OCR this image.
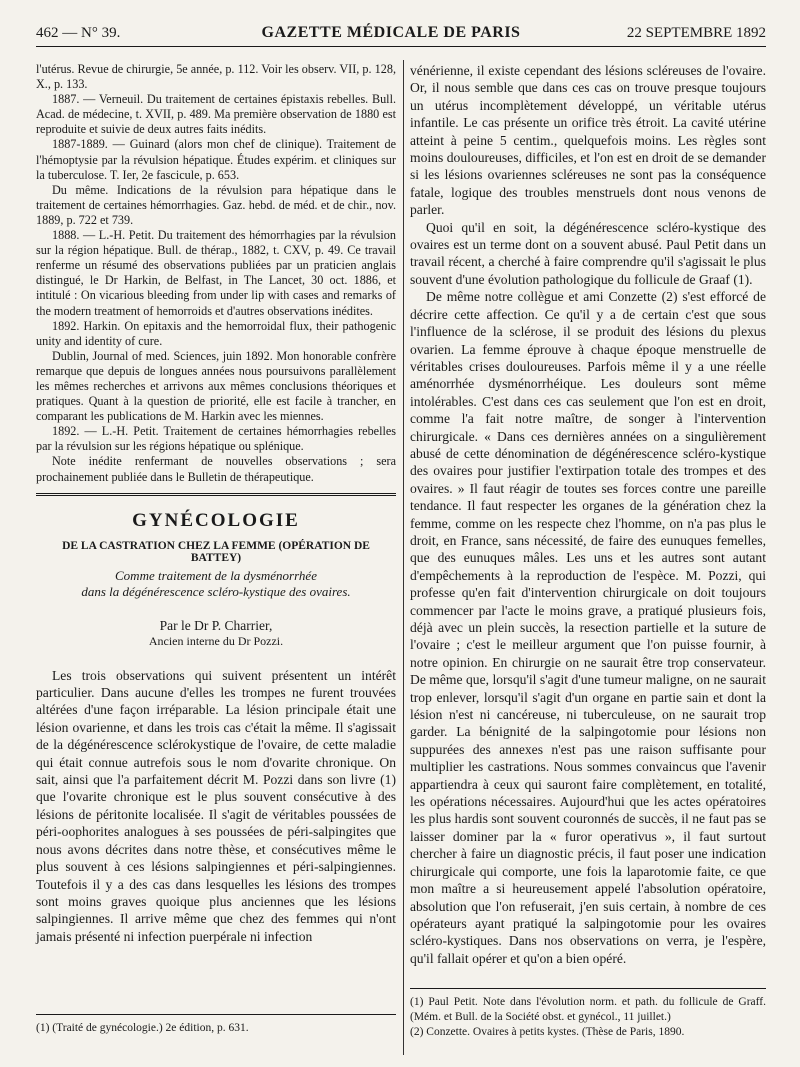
462 — N° 39.	GAZETTE MÉDICALE DE PARIS	22 SEPTEMBRE 1892

l'utérus. Revue de chirurgie, 5e année, p. 112. Voir les observ. VII, p. 128, X., p. 133.

1887. — Verneuil. Du traitement de certaines épistaxis rebelles. Bull. Acad. de médecine, t. XVII, p. 489. Ma première observation de 1880 est reproduite et suivie de deux autres faits inédits.

1887-1889. — Guinard (alors mon chef de clinique). Traitement de l'hémoptysie par la révulsion hépatique. Études expérim. et cliniques sur la tuberculose. T. Ier, 2e fascicule, p. 653.

Du même. Indications de la révulsion para hépatique dans le traitement de certaines hémorrhagies. Gaz. hebd. de méd. et de chir., nov. 1889, p. 722 et 739.

1888. — L.-H. Petit. Du traitement des hémorrhagies par la révulsion sur la région hépatique. Bull. de thérap., 1882, t. CXV, p. 49. Ce travail renferme un résumé des observations publiées par un praticien anglais distingué, le Dr Harkin, de Belfast, in The Lancet, 30 oct. 1886, et intitulé : On vicarious bleeding from under lip with cases and remarks of the modern treatment of hemorroids et d'autres observations inédites.

1892. Harkin. On epitaxis and the hemorroidal flux, their pathogenic unity and identity of cure.

Dublin, Journal of med. Sciences, juin 1892. Mon honorable confrère remarque que depuis de longues années nous poursuivons parallèlement les mêmes recherches et arrivons aux mêmes conclusions théoriques et pratiques. Quant à la question de priorité, elle est facile à trancher, en comparant les publications de M. Harkin avec les miennes.

1892. — L.-H. Petit. Traitement de certaines hémorrhagies rebelles par la révulsion sur les régions hépatique ou splénique.

Note inédite renfermant de nouvelles observations ; sera prochainement publiée dans le Bulletin de thérapeutique.

GYNÉCOLOGIE
DE LA CASTRATION CHEZ LA FEMME (OPÉRATION DE BATTEY)
Comme traitement de la dysménorrhée
dans la dégénérescence scléro-kystique des ovaires.
Par le Dr P. Charrier,
Ancien interne du Dr Pozzi.

Les trois observations qui suivent présentent un intérêt particulier. Dans aucune d'elles les trompes ne furent trouvées altérées d'une façon irréparable. La lésion principale était une lésion ovarienne, et dans les trois cas c'était la même. Il s'agissait de la dégénérescence sclérokystique de l'ovaire, de cette maladie qui était connue autrefois sous le nom d'ovarite chronique. On sait, ainsi que l'a parfaitement décrit M. Pozzi dans son livre (1) que l'ovarite chronique est le plus souvent consécutive à des lésions de péritonite localisée. Il s'agit de véritables poussées de péri-oophorites analogues à ses poussées de péri-salpingites que nous avons décrites dans notre thèse, et consécutives même le plus souvent à ces lésions salpingiennes et péri-salpingiennes. Toutefois il y a des cas dans lesquelles les lésions des trompes sont moins graves quoique plus anciennes que les lésions salpingiennes. Il arrive même que chez des femmes qui n'ont jamais présenté ni infection puerpérale ni infection

(1) (Traité de gynécologie.) 2e édition, p. 631.

vénérienne, il existe cependant des lésions scléreuses de l'ovaire. Or, il nous semble que dans ces cas on trouve presque toujours un utérus incomplètement développé, un véritable utérus infantile. Le cas présente un orifice très étroit. La cavité utérine atteint à peine 5 centim., quelquefois moins. Les règles sont moins douloureuses, difficiles, et l'on est en droit de se demander si les lésions ovariennes scléreuses ne sont pas la conséquence fatale, logique des troubles menstruels dont nous venons de parler.

Quoi qu'il en soit, la dégénérescence scléro-kystique des ovaires est un terme dont on a souvent abusé. Paul Petit dans un travail récent, a cherché à faire comprendre qu'il s'agissait le plus souvent d'une évolution pathologique du follicule de Graaf (1).

De même notre collègue et ami Conzette (2) s'est efforcé de décrire cette affection. Ce qu'il y a de certain c'est que sous l'influence de la sclérose, il se produit des lésions du plexus ovarien. La femme éprouve à chaque époque menstruelle de véritables crises douloureuses. Parfois même il y a une réelle aménorrhée dysménorrhéique. Les douleurs sont même intolérables. C'est dans ces cas seulement que l'on est en droit, comme l'a fait notre maître, de songer à l'intervention chirurgicale. « Dans ces dernières années on a singulièrement abusé de cette dénomination de dégénérescence scléro-kystique des ovaires pour justifier l'extirpation totale des trompes et des ovaires. » Il faut réagir de toutes ses forces contre une pareille tendance. Il faut respecter les organes de la génération chez la femme, comme on les respecte chez l'homme, on n'a pas plus le droit, en France, sans nécessité, de faire des eunuques femelles, que des eunuques mâles. Les uns et les autres sont autant d'empêchements à la reproduction de l'espèce. M. Pozzi, qui professe qu'en fait d'intervention chirurgicale on doit toujours commencer par l'acte le moins grave, a pratiqué plusieurs fois, déjà avec un plein succès, la resection partielle et la suture de l'ovaire ; c'est le meilleur argument que l'on puisse fournir, à notre opinion. En chirurgie on ne saurait être trop conservateur. De même que, lorsqu'il s'agit d'une tumeur maligne, on ne saurait trop enlever, lorsqu'il s'agit d'un organe en partie sain et dont la lésion n'est ni cancéreuse, ni tuberculeuse, on ne saurait trop garder. La bénignité de la salpingotomie pour lésions non suppurées des annexes n'est pas une raison suffisante pour multiplier les castrations. Nous sommes convaincus que l'avenir appartiendra à ceux qui sauront faire complètement, en totalité, les opérations nécessaires. Aujourd'hui que les actes opératoires les plus hardis sont souvent couronnés de succès, il ne faut pas se laisser dominer par la « furor operativus », il faut surtout chercher à faire un diagnostic précis, il faut poser une indication chirurgicale qui comporte, une fois la laparotomie faite, ce que mon maître a si heureusement appelé l'absolution opératoire, absolution que l'on refuserait, j'en suis certain, à nombre de ces opérateurs ayant pratiqué la salpingotomie pour les ovaires scléro-kystiques. Dans nos observations on verra, je l'espère, qu'il fallait opérer et qu'on a bien opéré.

(1) Paul Petit. Note dans l'évolution norm. et path. du follicule de Graff. (Mém. et Bull. de la Société obst. et gynécol., 11 juillet.)

(2) Conzette. Ovaires à petits kystes. (Thèse de Paris, 1890.
